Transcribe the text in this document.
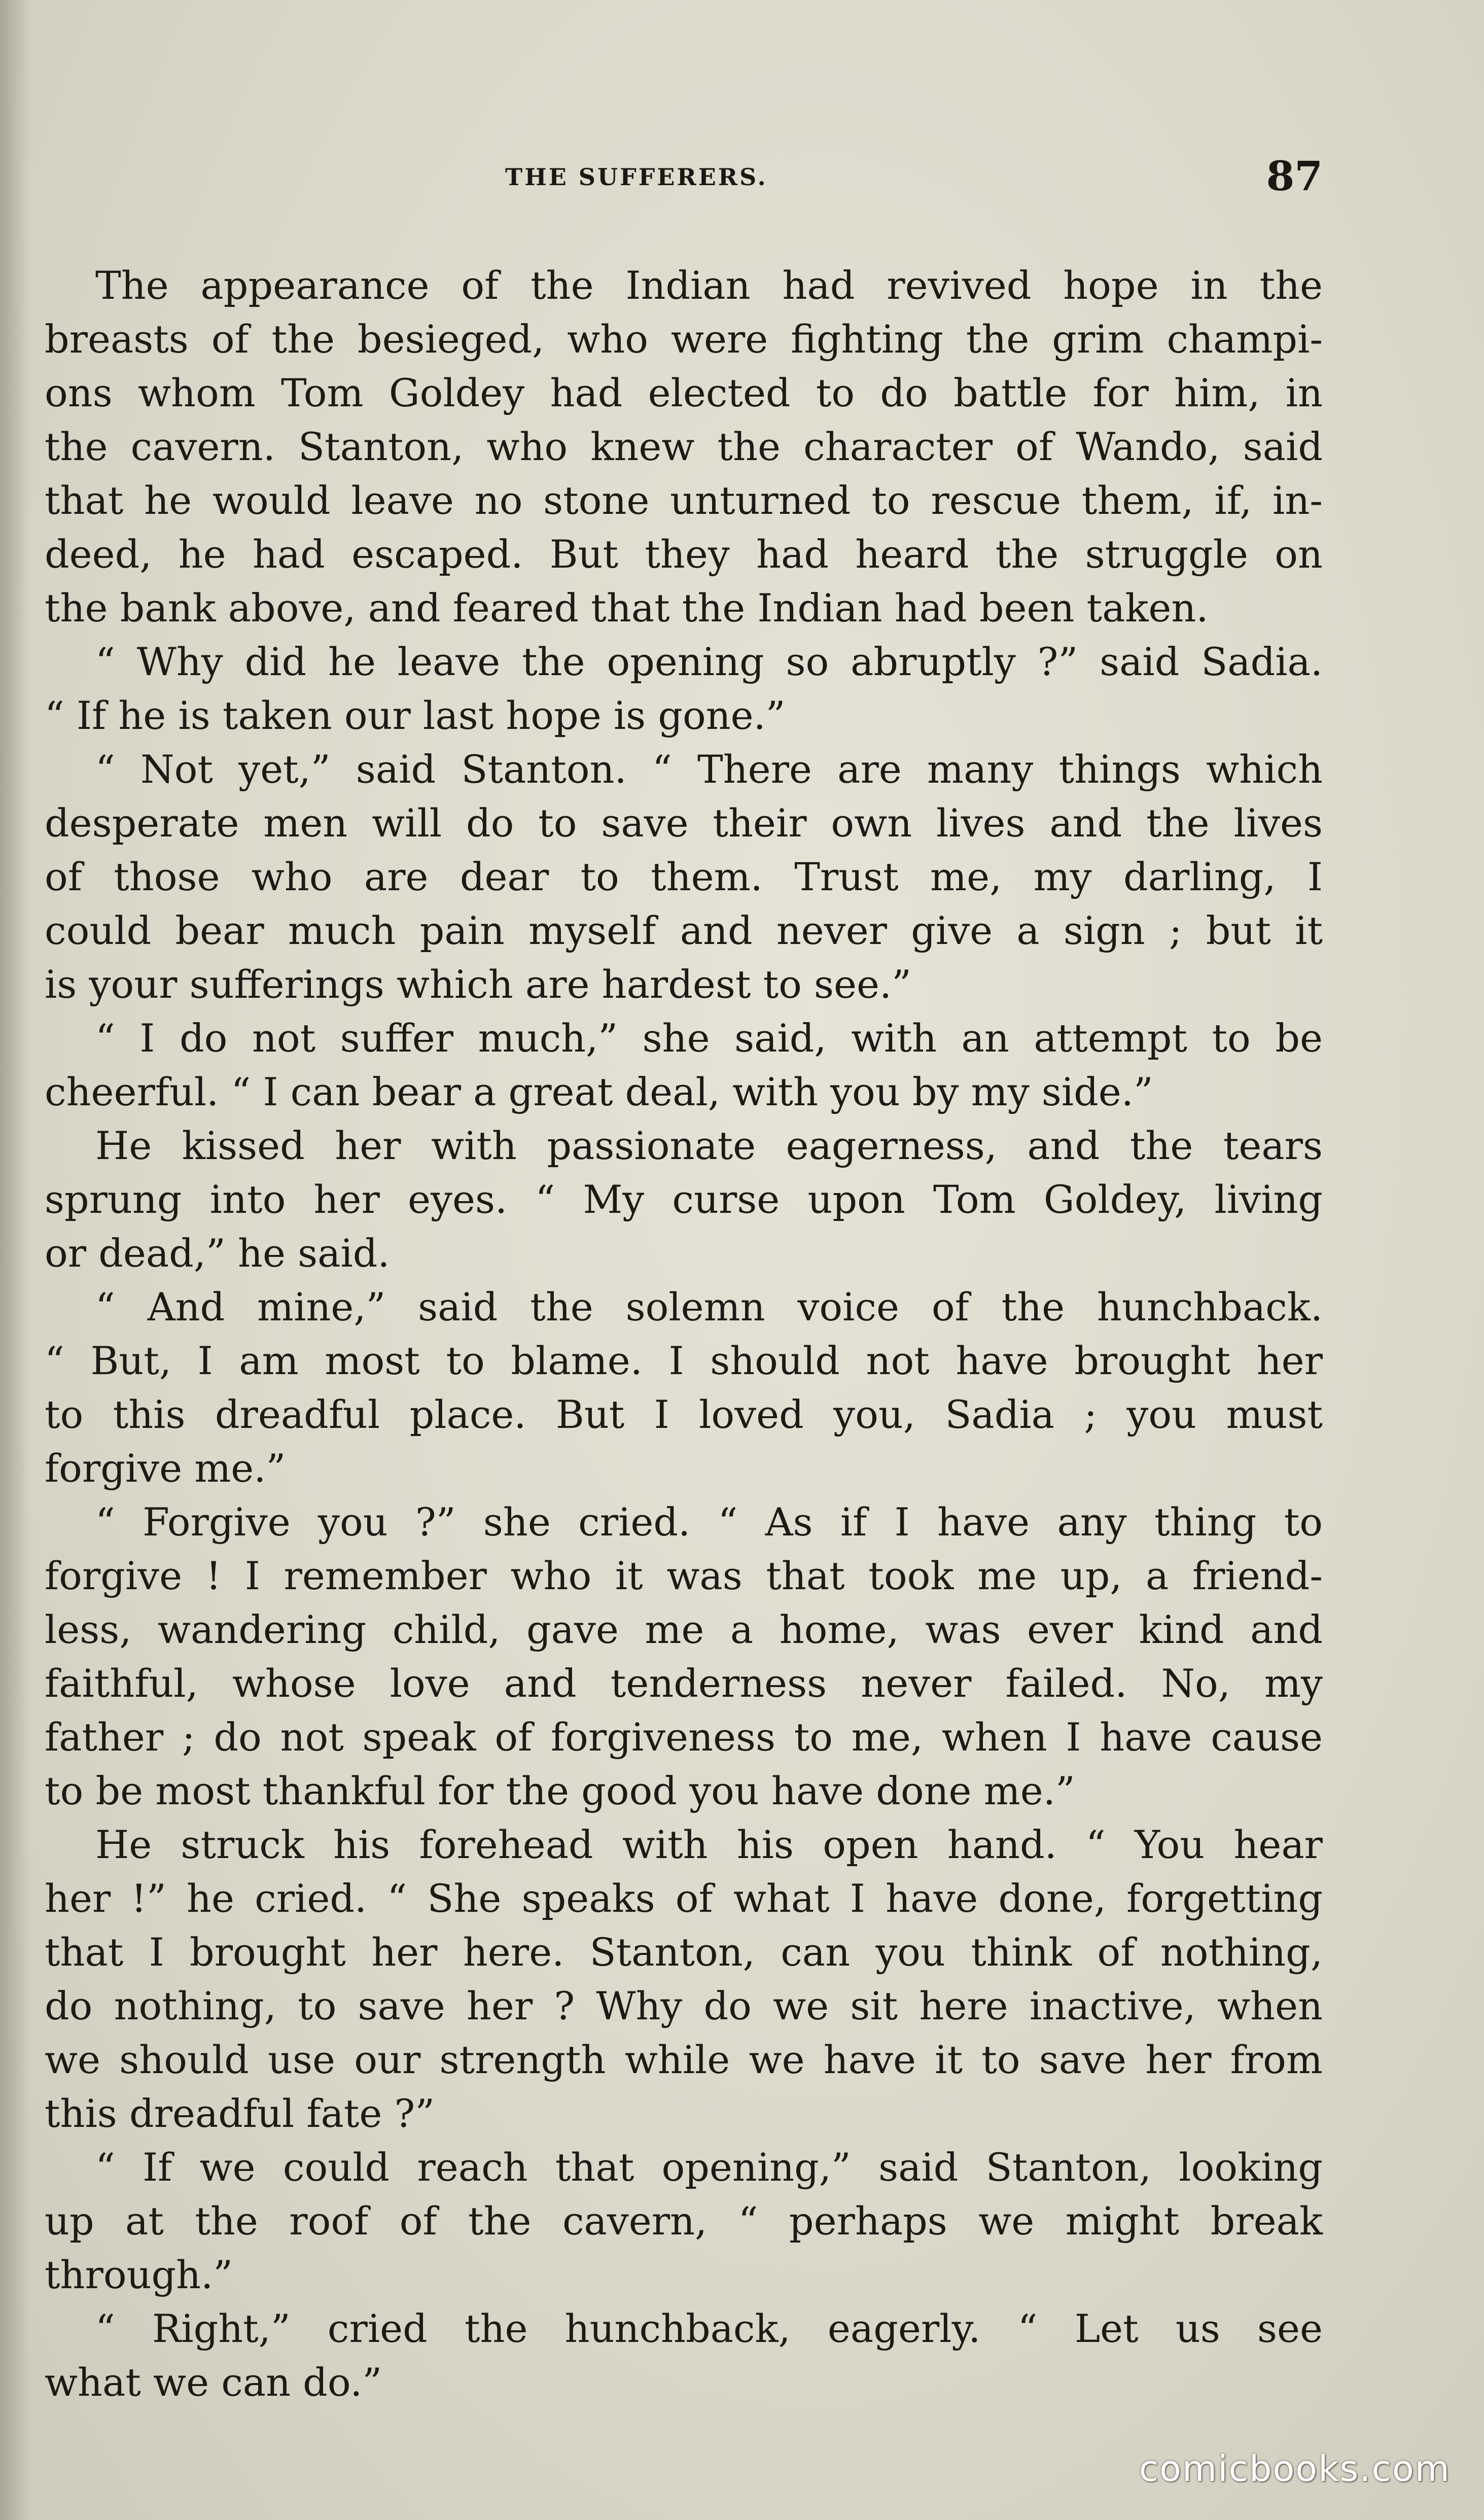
THE SUFFERERS.	87
The appearance of the Indian had revived hope in the
breasts of the besieged, who were fighting the grim champi-
ons whom Tom Goldey had elected to do battle for him, in
the cavern. Stanton, who knew the character of Wando, said
that he would leave no stone unturned to rescue them, if, in-
deed, he had escaped. But they had heard the struggle on
the bank above, and feared that the Indian had been taken.
“ Why did he leave the opening so abruptly ?” said Sadia.
“ If he is taken our last hope is gone.”
“ Not yet,” said Stanton. “ There are many things which
desperate men will do to save their own lives and the lives
of those who are dear to them. Trust me, my darling, I
could bear much pain myself and never give a sign ; but it
is your sufferings which are hardest to see.”
“ I do not suffer much,” she said, with an attempt to be
cheerful. “ I can bear a great deal, with you by my side.”
He kissed her with passionate eagerness, and the tears
sprung into her eyes. “ My curse upon Tom Goldey, living
or dead,” he said.
“ And mine,” said the solemn voice of the hunchback.
“ But, I am most to blame. I should not have brought her
to this dreadful place. But I loved you, Sadia ; you must
forgive me.”
“ Forgive you ?” she cried. “ As if I have any thing to
forgive ! I remember who it was that took me up, a friend-
less, wandering child, gave me a home, was ever kind and
faithful, whose love and tenderness never failed. No, my
father ; do not speak of forgiveness to me, when I have cause
to be most thankful for the good you have done me.”
He struck his forehead with his open hand. “ You hear
her !” he cried. “ She speaks of what I have done, forgetting
that I brought her here. Stanton, can you think of nothing,
do nothing, to save her ? Why do we sit here inactive, when
we should use our strength while we have it to save her from
this dreadful fate ?”
“ If we could reach that opening,” said Stanton, looking
up at the roof of the cavern, “ perhaps we might break
through.”
“ Right,” cried the hunchback, eagerly. “ Let us see
what we can do.”
comicbooks.com
